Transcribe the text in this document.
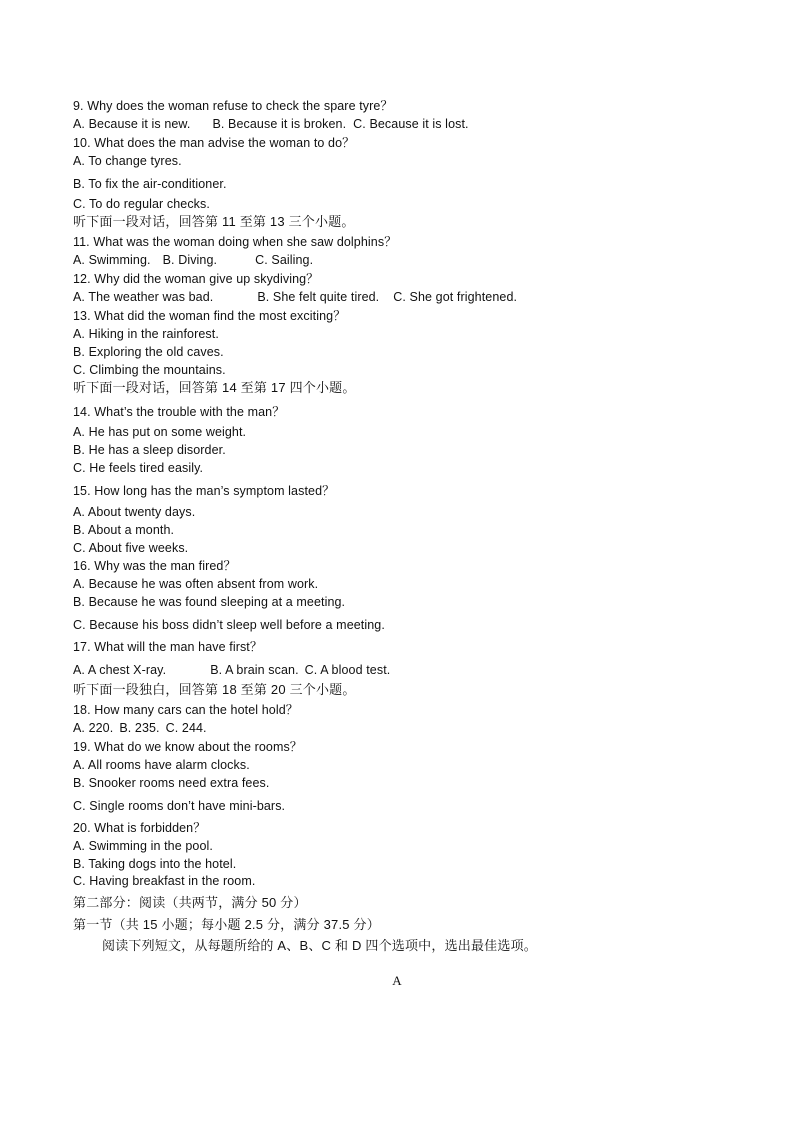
9. Why does the woman refuse to check the spare tyre？
A. Because it is new. B. Because it is broken. C. Because it is lost.
10. What does the man advise the woman to do？
A. To change tyres.
B. To fix the air-conditioner.
C. To do regular checks.
听下面一段对话，回答第 11 至第 13 三个小题。
11. What was the woman doing when she saw dolphins？
A. Swimming. B. Diving.	C. Sailing.
12. Why did the woman give up skydiving？
A. The weather was bad.	B. She felt quite tired. C. She got frightened.
13. What did the woman find the most exciting？
A. Hiking in the rainforest.
B. Exploring the old caves.
C. Climbing the mountains.
听下面一段对话，回答第 14 至第 17 四个小题。
14. What’s the trouble with the man？
A. He has put on some weight.
B. He has a sleep disorder.
C. He feels tired easily.
15. How long has the man’s symptom lasted？
A. About twenty days.
B. About a month.
C. About five weeks.
16. Why was the man fired？
A. Because he was often absent from work.
B. Because he was found sleeping at a meeting.
C. Because his boss didn’t sleep well before a meeting.
17. What will the man have first？
A. A chest X-ray.	B. A brain scan. C. A blood test.
听下面一段独白，回答第 18 至第 20 三个小题。
18. How many cars can the hotel hold？
A. 220. B. 235. C. 244.
19. What do we know about the rooms？
A. All rooms have alarm clocks.
B. Snooker rooms need extra fees.
C. Single rooms don’t have mini-bars.
20. What is forbidden？
A. Swimming in the pool.
B. Taking dogs into the hotel.
C. Having breakfast in the room.
第二部分：阅读（共两节，满分 50 分）
第一节（共 15 小题；每小题 2.5 分，满分 37.5 分）
阅读下列短文，从每题所给的 A、B、C 和 D 四个选项中，选出最佳选项。
A
